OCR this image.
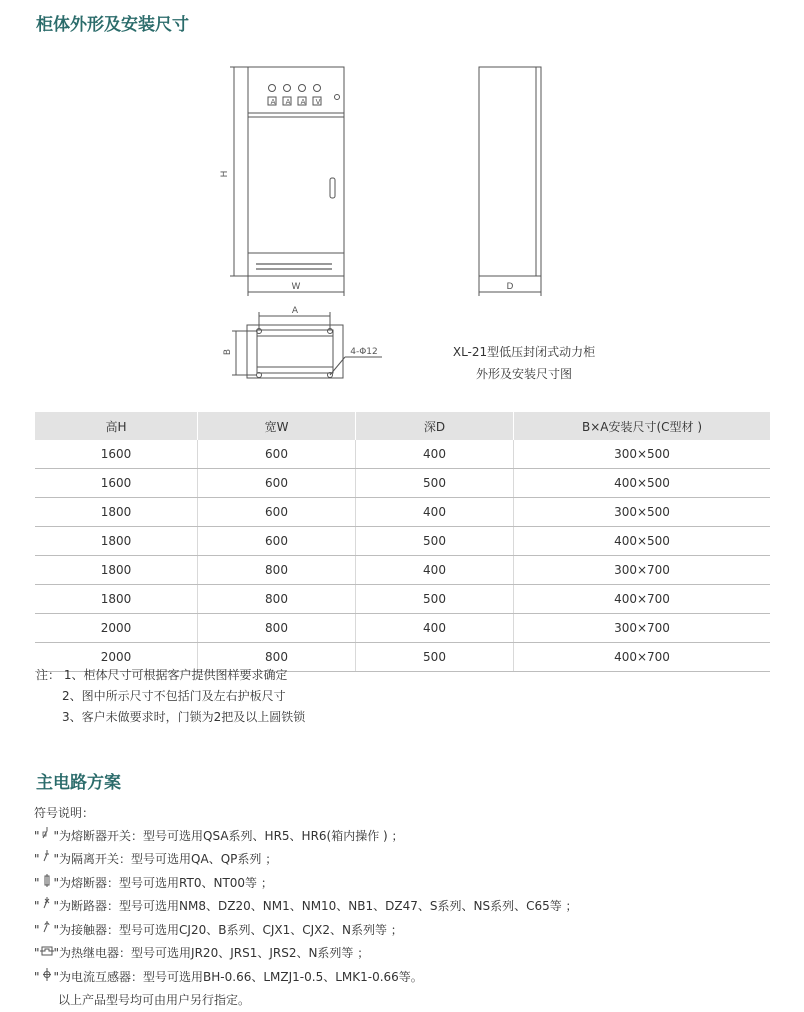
柜体外形及安装尺寸
A A A V
H
W	D
A
B	4-Φ12	XL-21型低压封闭式动力柜
外形及安装尺寸图
高H	宽W	深D	B×A安装尺寸(C型材 )
1600	600	400	300×500
1600	600	500	400×500
1800	600	400	300×500
1800	600	500	400×500
1800	800	400	300×700
1800	800	500	400×700
2000	800	400	300×700
2000	800	500	400×700
注： 1、柜体尺寸可根据客户提供图样要求确定
2、图中所示尺寸不包括门及左右护板尺寸
3、客户未做要求时，门锁为2把及以上圆铁锁
主电路方案
符号说明：
" "为熔断器开关：型号可选用QSA系列、HR5、HR6(箱内操作 ) ；
" "为隔离开关：型号可选用QA、QP系列 ；
" "为熔断器：型号可选用RT0、NT00等 ；
" "为断路器：型号可选用NM8、DZ20、NM1、NM10、NB1、DZ47、S系列、NS系列、C65等 ；
" "为接触器：型号可选用CJ20、B系列、CJX1、CJX2、N系列等 ；
" "为热继电器：型号可选用JR20、JRS1、JRS2、N系列等 ；
" "为电流互感器：型号可选用BH-0.66、LMZJ1-0.5、LMK1-0.66等。
以上产品型号均可由用户另行指定。
